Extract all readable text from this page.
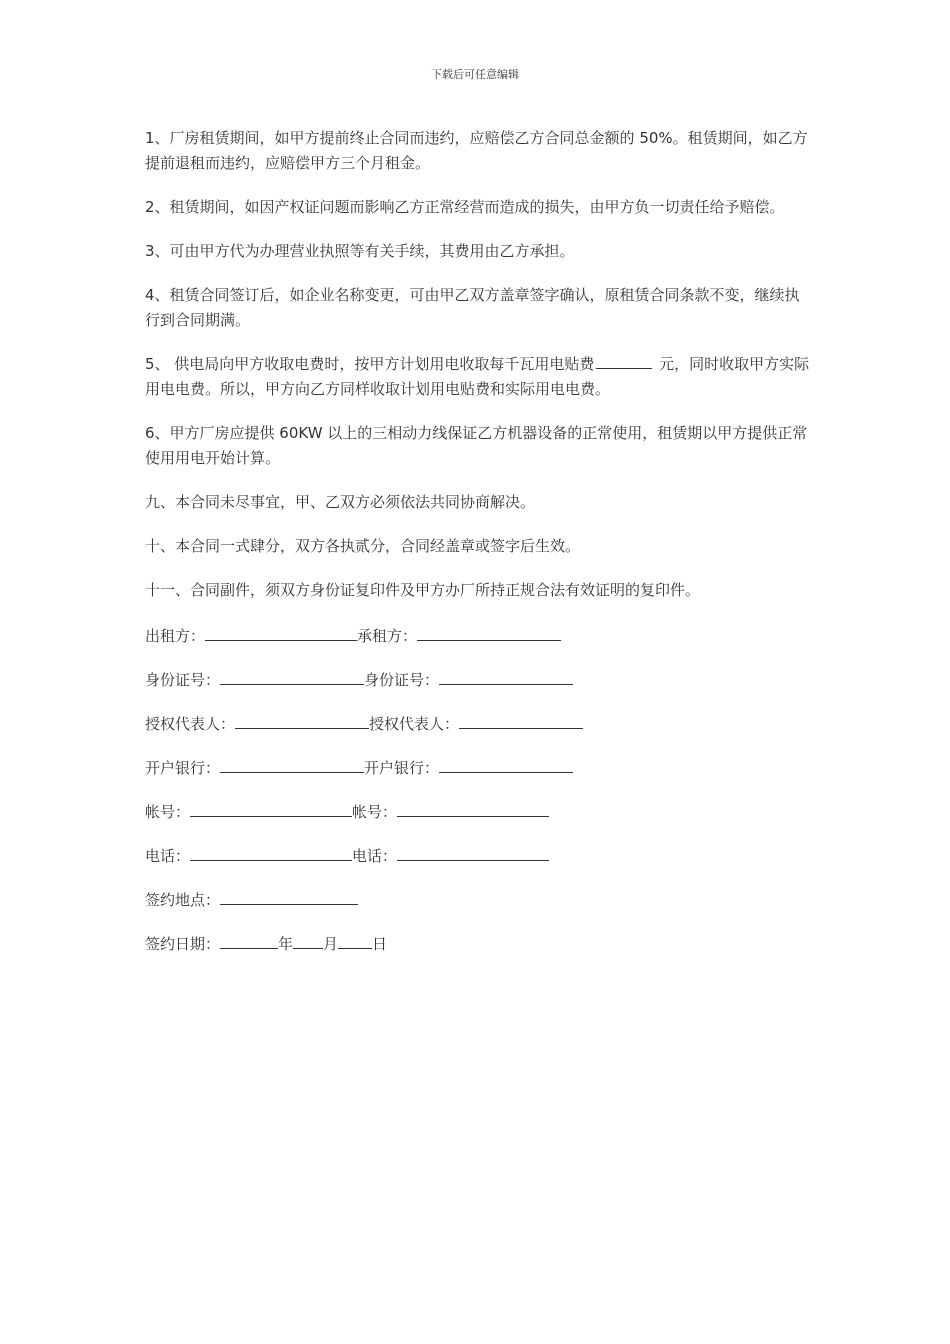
下载后可任意编辑

1、厂房租赁期间，如甲方提前终止合同而违约，应赔偿乙方合同总金额的 50%。租赁期间，如乙方提前退租而违约，应赔偿甲方三个月租金。

2、租赁期间，如因产权证问题而影响乙方正常经营而造成的损失，由甲方负一切责任给予赔偿。

3、可由甲方代为办理营业执照等有关手续，其费用由乙方承担。

4、租赁合同签订后，如企业名称变更，可由甲乙双方盖章签字确认，原租赁合同条款不变，继续执行到合同期满。

5、 供电局向甲方收取电费时，按甲方计划用电收取每千瓦用电贴费	元，同时收取甲方实际用电电费。所以，甲方向乙方同样收取计划用电贴费和实际用电电费。

6、甲方厂房应提供 60KW 以上的三相动力线保证乙方机器设备的正常使用，租赁期以甲方提供正常使用用电开始计算。

九、本合同未尽事宜，甲、乙双方必须依法共同协商解决。

十、本合同一式肆分，双方各执贰分，合同经盖章或签字后生效。

十一、合同副件，须双方身份证复印件及甲方办厂所持正规合法有效证明的复印件。

出租方：	承租方：
身份证号：	身份证号：
授权代表人：	授权代表人：
开户银行：	开户银行：
帐号：	帐号：
电话：	电话：
签约地点：
签约日期：	年 月 日
